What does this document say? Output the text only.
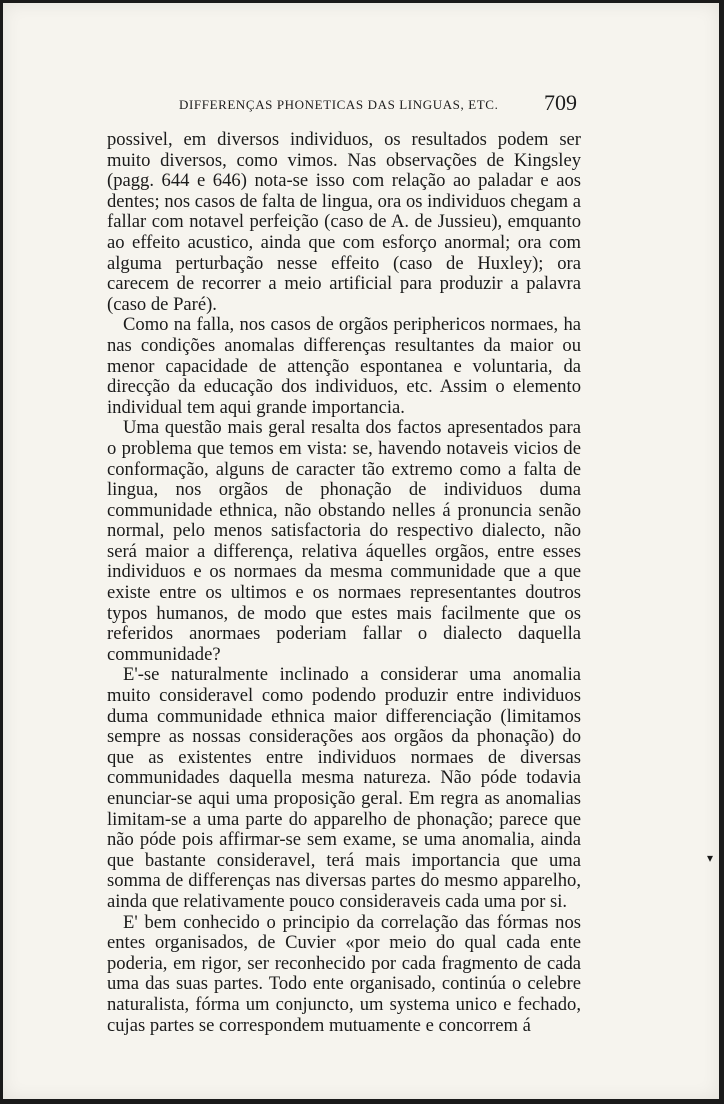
DIFFERENÇAS PHONETICAS DAS LINGUAS, ETC. 709

possivel, em diversos individuos, os resultados podem ser muito diversos, como vimos. Nas observações de Kingsley (pagg. 644 e 646) nota-se isso com relação ao paladar e aos dentes; nos casos de falta de lingua, ora os individuos chegam a fallar com notavel perfeição (caso de A. de Jussieu), emquanto ao effeito acustico, ainda que com esforço anormal; ora com alguma perturbação nesse effeito (caso de Huxley); ora carecem de recorrer a meio artificial para produzir a palavra (caso de Paré).

Como na falla, nos casos de orgãos periphericos normaes, ha nas condições anomalas differenças resultantes da maior ou menor capacidade de attenção espontanea e voluntaria, da direcção da educação dos individuos, etc. Assim o elemento individual tem aqui grande importancia.

Uma questão mais geral resalta dos factos apresentados para o problema que temos em vista: se, havendo notaveis vicios de conformação, alguns de caracter tão extremo como a falta de lingua, nos orgãos de phonação de individuos duma communidade ethnica, não obstando nelles á pronuncia senão normal, pelo menos satisfactoria do respectivo dialecto, não será maior a differença, relativa áquelles orgãos, entre esses individuos e os normaes da mesma communidade que a que existe entre os ultimos e os normaes representantes doutros typos humanos, de modo que estes mais facilmente que os referidos anormaes poderiam fallar o dialecto daquella communidade?

E'-se naturalmente inclinado a considerar uma anomalia muito consideravel como podendo produzir entre individuos duma communidade ethnica maior differenciação (limitamos sempre as nossas considerações aos orgãos da phonação) do que as existentes entre individuos normaes de diversas communidades daquella mesma natureza. Não póde todavia enunciar-se aqui uma proposição geral. Em regra as anomalias limitam-se a uma parte do apparelho de phonação; parece que não póde pois affirmar-se sem exame, se uma anomalia, ainda que bastante consideravel, terá mais importancia que uma somma de differenças nas diversas partes do mesmo apparelho, ainda que relativamente pouco consideraveis cada uma por si.

E' bem conhecido o principio da correlação das fórmas nos entes organisados, de Cuvier «por meio do qual cada ente poderia, em rigor, ser reconhecido por cada fragmento de cada uma das suas partes. Todo ente organisado, continúa o celebre naturalista, fórma um conjuncto, um systema unico e fechado, cujas partes se correspondem mutuamente e concorrem á

▾
